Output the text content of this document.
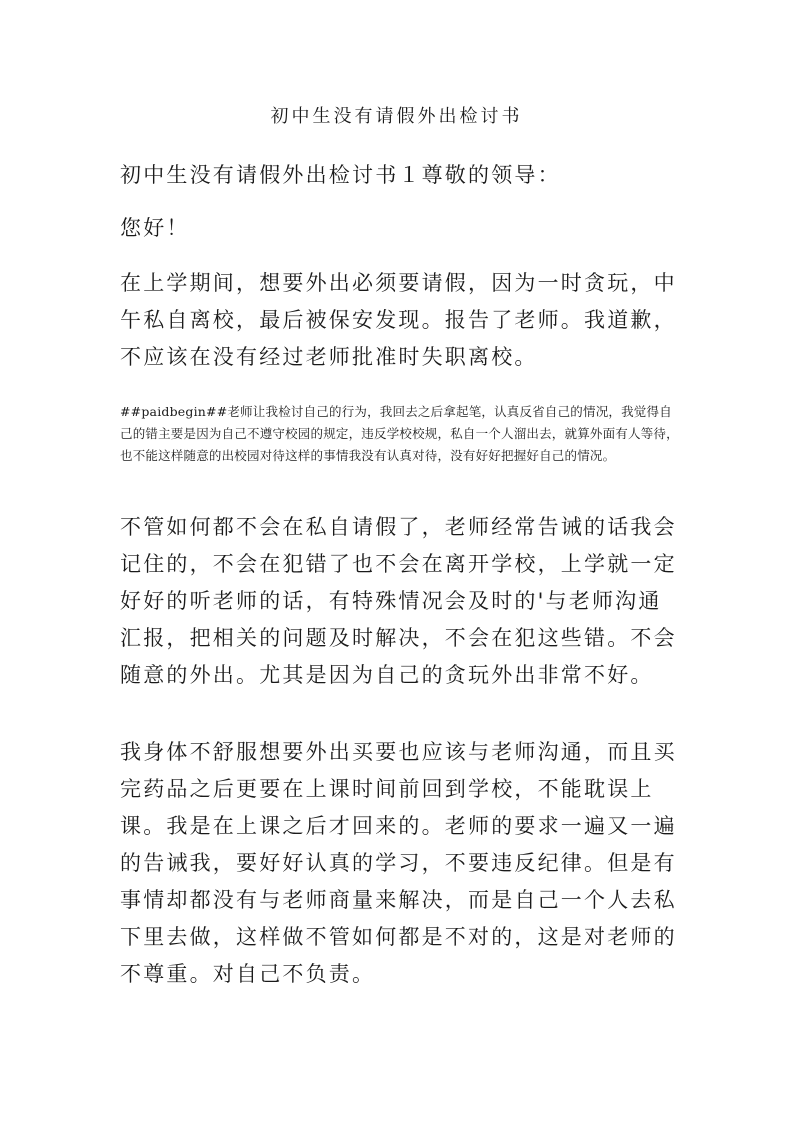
初中生没有请假外出检讨书

初中生没有请假外出检讨书１尊敬的领导：

您好！

在上学期间，想要外出必须要请假，因为一时贪玩，中午私自离校，最后被保安发现。报告了老师。我道歉，不应该在没有经过老师批准时失职离校。

##paidbegin##老师让我检讨自己的行为，我回去之后拿起笔，认真反省自己的情况，我觉得自己的错主要是因为自己不遵守校园的规定，违反学校校规，私自一个人溜出去，就算外面有人等待，也不能这样随意的出校园对待这样的事情我没有认真对待，没有好好把握好自己的情况。

不管如何都不会在私自请假了，老师经常告诫的话我会记住的，不会在犯错了也不会在离开学校，上学就一定好好的听老师的话，有特殊情况会及时的'与老师沟通汇报，把相关的问题及时解决，不会在犯这些错。不会随意的外出。尤其是因为自己的贪玩外出非常不好。

我身体不舒服想要外出买要也应该与老师沟通，而且买完药品之后更要在上课时间前回到学校，不能耽误上课。我是在上课之后才回来的。老师的要求一遍又一遍的告诫我，要好好认真的学习，不要违反纪律。但是有事情却都没有与老师商量来解决，而是自己一个人去私下里去做，这样做不管如何都是不对的，这是对老师的不尊重。对自己不负责。
